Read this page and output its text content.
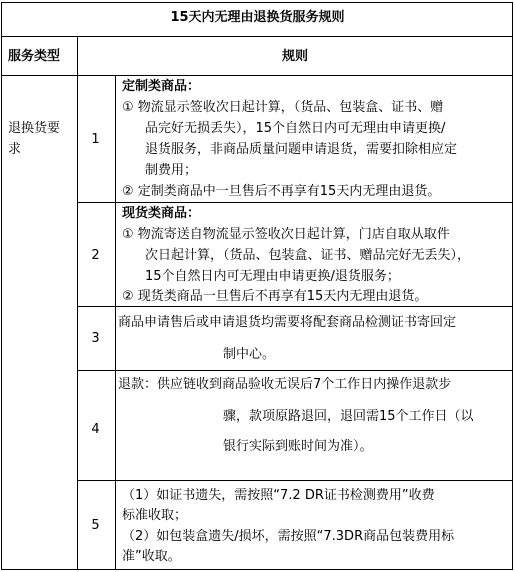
15天内无理由退换货服务规则
服务类型	规则
退换货要
求
1
定制类商品：
① 物流显示签收次日起计算，（货品、包装盒、证书、赠
品完好无损丢失），15个自然日内可无理由申请更换/
退货服务，非商品质量问题申请退货，需要扣除相应定
制费用；
② 定制类商品中一旦售后不再享有15天内无理由退货。
2
现货类商品：
① 物流寄送自物流显示签收次日起计算，门店自取从取件
次日起计算，（货品、包装盒、证书、赠品完好无丢失），
15个自然日内可无理由申请更换/退货服务；
② 现货类商品一旦售后不再享有15天内无理由退货。
3
商品申请售后或申请退货均需要将配套商品检测证书寄回定
制中心。
4
退款：供应链收到商品验收无误后7个工作日内操作退款步
骤，款项原路退回，退回需15个工作日（以
银行实际到账时间为准）。
5
（1）如证书遗失，需按照“7.2 DR证书检测费用”收费
标准收取；
（2）如包装盒遗失/损坏，需按照“7.3DR商品包装费用标
准”收取。
